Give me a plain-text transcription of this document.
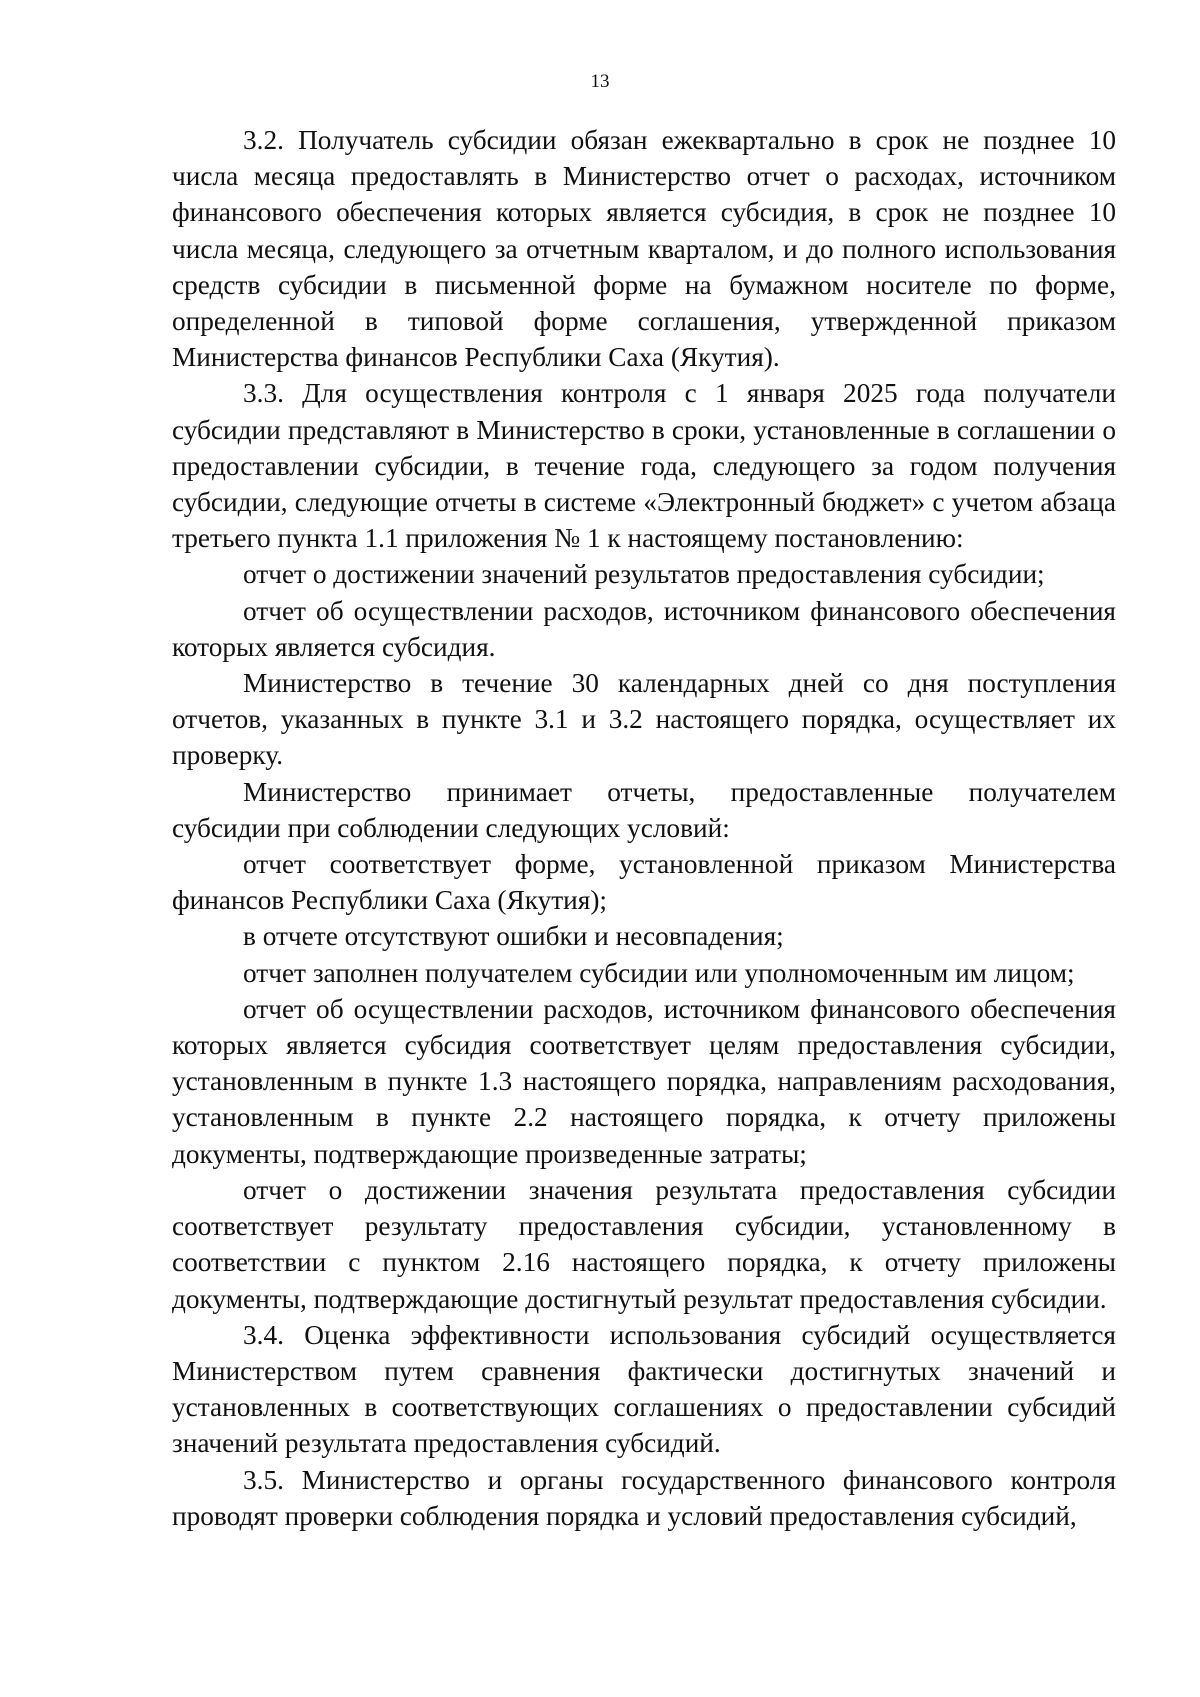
13

3.2. Получатель субсидии обязан ежеквартально в срок не позднее 10 числа месяца предоставлять в Министерство отчет о расходах, источником финансового обеспечения которых является субсидия, в срок не позднее 10 числа месяца, следующего за отчетным кварталом, и до полного использования средств субсидии в письменной форме на бумажном носителе по форме, определенной в типовой форме соглашения, утвержденной приказом Министерства финансов Республики Саха (Якутия).

3.3. Для осуществления контроля с 1 января 2025 года получатели субсидии представляют в Министерство в сроки, установленные в соглашении о предоставлении субсидии, в течение года, следующего за годом получения субсидии, следующие отчеты в системе «Электронный бюджет» с учетом абзаца третьего пункта 1.1 приложения № 1 к настоящему постановлению:

отчет о достижении значений результатов предоставления субсидии;

отчет об осуществлении расходов, источником финансового обеспечения которых является субсидия.

Министерство в течение 30 календарных дней со дня поступления отчетов, указанных в пункте 3.1 и 3.2 настоящего порядка, осуществляет их проверку.

Министерство принимает отчеты, предоставленные получателем субсидии при соблюдении следующих условий:

отчет соответствует форме, установленной приказом Министерства финансов Республики Саха (Якутия);

в отчете отсутствуют ошибки и несовпадения;

отчет заполнен получателем субсидии или уполномоченным им лицом;

отчет об осуществлении расходов, источником финансового обеспечения которых является субсидия соответствует целям предоставления субсидии, установленным в пункте 1.3 настоящего порядка, направлениям расходования, установленным в пункте 2.2 настоящего порядка, к отчету приложены документы, подтверждающие произведенные затраты;

отчет о достижении значения результата предоставления субсидии соответствует результату предоставления субсидии, установленному в соответствии с пунктом 2.16 настоящего порядка, к отчету приложены документы, подтверждающие достигнутый результат предоставления субсидии.

3.4. Оценка эффективности использования субсидий осуществляется Министерством путем сравнения фактически достигнутых значений и установленных в соответствующих соглашениях о предоставлении субсидий значений результата предоставления субсидий.

3.5. Министерство и органы государственного финансового контроля проводят проверки соблюдения порядка и условий предоставления субсидий,
